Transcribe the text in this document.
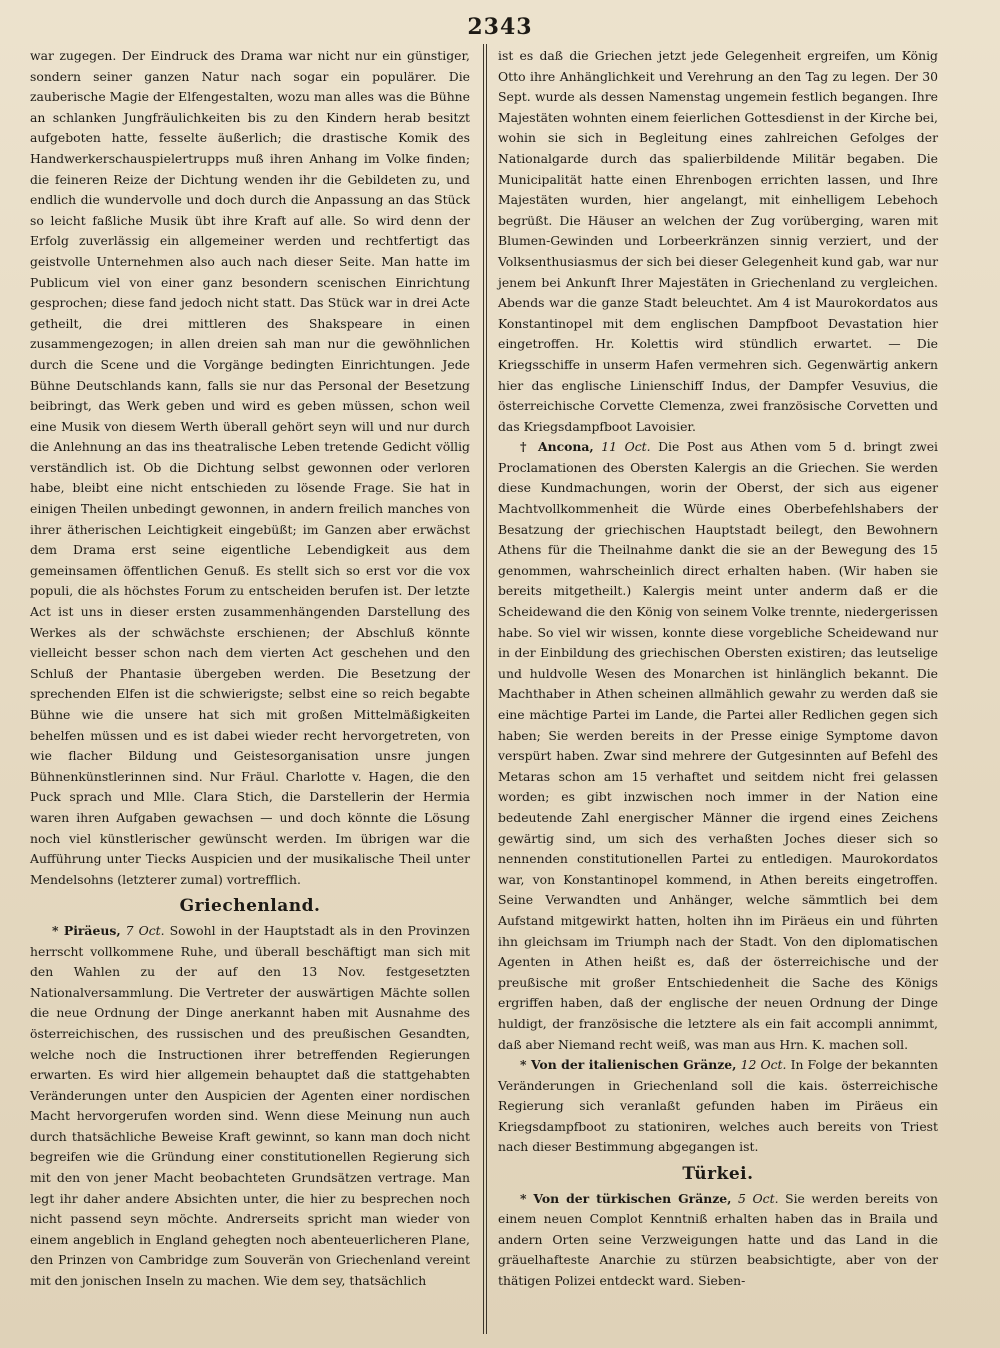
2343

war zugegen. Der Eindruck des Drama war nicht nur ein günstiger, sondern seiner ganzen Natur nach sogar ein populärer. Die zauberische Magie der Elfengestalten, wozu man alles was die Bühne an schlanken Jungfräulichkeiten bis zu den Kindern herab besitzt aufgeboten hatte, fesselte äußerlich; die drastische Komik des Handwerkerschauspielertrupps muß ihren Anhang im Volke finden; die feineren Reize der Dichtung wenden ihr die Gebildeten zu, und endlich die wundervolle und doch durch die Anpassung an das Stück so leicht faßliche Musik übt ihre Kraft auf alle. So wird denn der Erfolg zuverlässig ein allgemeiner werden und rechtfertigt das geistvolle Unternehmen also auch nach dieser Seite. Man hatte im Publicum viel von einer ganz besondern scenischen Einrichtung gesprochen; diese fand jedoch nicht statt. Das Stück war in drei Acte getheilt, die drei mittleren des Shakspeare in einen zusammengezogen; in allen dreien sah man nur die gewöhnlichen durch die Scene und die Vorgänge bedingten Einrichtungen. Jede Bühne Deutschlands kann, falls sie nur das Personal der Besetzung beibringt, das Werk geben und wird es geben müssen, schon weil eine Musik von diesem Werth überall gehört seyn will und nur durch die Anlehnung an das ins theatralische Leben tretende Gedicht völlig verständlich ist. Ob die Dichtung selbst gewonnen oder verloren habe, bleibt eine nicht entschieden zu lösende Frage. Sie hat in einigen Theilen unbedingt gewonnen, in andern freilich manches von ihrer ätherischen Leichtigkeit eingebüßt; im Ganzen aber erwächst dem Drama erst seine eigentliche Lebendigkeit aus dem gemeinsamen öffentlichen Genuß. Es stellt sich so erst vor die vox populi, die als höchstes Forum zu entscheiden berufen ist. Der letzte Act ist uns in dieser ersten zusammenhängenden Darstellung des Werkes als der schwächste erschienen; der Abschluß könnte vielleicht besser schon nach dem vierten Act geschehen und den Schluß der Phantasie übergeben werden. Die Besetzung der sprechenden Elfen ist die schwierigste; selbst eine so reich begabte Bühne wie die unsere hat sich mit großen Mittelmäßigkeiten behelfen müssen und es ist dabei wieder recht hervorgetreten, von wie flacher Bildung und Geistesorganisation unsre jungen Bühnenkünstlerinnen sind. Nur Fräul. Charlotte v. Hagen, die den Puck sprach und Mlle. Clara Stich, die Darstellerin der Hermia waren ihren Aufgaben gewachsen — und doch könnte die Lösung noch viel künstlerischer gewünscht werden. Im übrigen war die Aufführung unter Tiecks Auspicien und der musikalische Theil unter Mendelsohns (letzterer zumal) vortrefflich.

Griechenland.

* Piräeus, 7 Oct. Sowohl in der Hauptstadt als in den Provinzen herrscht vollkommene Ruhe, und überall beschäftigt man sich mit den Wahlen zu der auf den 13 Nov. festgesetzten Nationalversammlung. Die Vertreter der auswärtigen Mächte sollen die neue Ordnung der Dinge anerkannt haben mit Ausnahme des österreichischen, des russischen und des preußischen Gesandten, welche noch die Instructionen ihrer betreffenden Regierungen erwarten. Es wird hier allgemein behauptet daß die stattgehabten Veränderungen unter den Auspicien der Agenten einer nordischen Macht hervorgerufen worden sind. Wenn diese Meinung nun auch durch thatsächliche Beweise Kraft gewinnt, so kann man doch nicht begreifen wie die Gründung einer constitutionellen Regierung sich mit den von jener Macht beobachteten Grundsätzen vertrage. Man legt ihr daher andere Absichten unter, die hier zu besprechen noch nicht passend seyn möchte. Andrerseits spricht man wieder von einem angeblich in England gehegten noch abenteuerlicheren Plane, den Prinzen von Cambridge zum Souverän von Griechenland vereint mit den jonischen Inseln zu machen. Wie dem sey, thatsächlich

ist es daß die Griechen jetzt jede Gelegenheit ergreifen, um König Otto ihre Anhänglichkeit und Verehrung an den Tag zu legen. Der 30 Sept. wurde als dessen Namenstag ungemein festlich begangen. Ihre Majestäten wohnten einem feierlichen Gottesdienst in der Kirche bei, wohin sie sich in Begleitung eines zahlreichen Gefolges der Nationalgarde durch das spalierbildende Militär begaben. Die Municipalität hatte einen Ehrenbogen errichten lassen, und Ihre Majestäten wurden, hier angelangt, mit einhelligem Lebehoch begrüßt. Die Häuser an welchen der Zug vorüberging, waren mit Blumen-Gewinden und Lorbeerkränzen sinnig verziert, und der Volksenthusiasmus der sich bei dieser Gelegenheit kund gab, war nur jenem bei Ankunft Ihrer Majestäten in Griechenland zu vergleichen. Abends war die ganze Stadt beleuchtet. Am 4 ist Maurokordatos aus Konstantinopel mit dem englischen Dampfboot Devastation hier eingetroffen. Hr. Kolettis wird stündlich erwartet. — Die Kriegsschiffe in unserm Hafen vermehren sich. Gegenwärtig ankern hier das englische Linienschiff Indus, der Dampfer Vesuvius, die österreichische Corvette Clemenza, zwei französische Corvetten und das Kriegsdampfboot Lavoisier.

† Ancona, 11 Oct. Die Post aus Athen vom 5 d. bringt zwei Proclamationen des Obersten Kalergis an die Griechen. Sie werden diese Kundmachungen, worin der Oberst, der sich aus eigener Machtvollkommenheit die Würde eines Oberbefehlshabers der Besatzung der griechischen Hauptstadt beilegt, den Bewohnern Athens für die Theilnahme dankt die sie an der Bewegung des 15 genommen, wahrscheinlich direct erhalten haben. (Wir haben sie bereits mitgetheilt.) Kalergis meint unter anderm daß er die Scheidewand die den König von seinem Volke trennte, niedergerissen habe. So viel wir wissen, konnte diese vorgebliche Scheidewand nur in der Einbildung des griechischen Obersten existiren; das leutselige und huldvolle Wesen des Monarchen ist hinlänglich bekannt. Die Machthaber in Athen scheinen allmählich gewahr zu werden daß sie eine mächtige Partei im Lande, die Partei aller Redlichen gegen sich haben; Sie werden bereits in der Presse einige Symptome davon verspürt haben. Zwar sind mehrere der Gutgesinnten auf Befehl des Metaras schon am 15 verhaftet und seitdem nicht frei gelassen worden; es gibt inzwischen noch immer in der Nation eine bedeutende Zahl energischer Männer die irgend eines Zeichens gewärtig sind, um sich des verhaßten Joches dieser sich so nennenden constitutionellen Partei zu entledigen. Maurokordatos war, von Konstantinopel kommend, in Athen bereits eingetroffen. Seine Verwandten und Anhänger, welche sämmtlich bei dem Aufstand mitgewirkt hatten, holten ihn im Piräeus ein und führten ihn gleichsam im Triumph nach der Stadt. Von den diplomatischen Agenten in Athen heißt es, daß der österreichische und der preußische mit großer Entschiedenheit die Sache des Königs ergriffen haben, daß der englische der neuen Ordnung der Dinge huldigt, der französische die letztere als ein fait accompli annimmt, daß aber Niemand recht weiß, was man aus Hrn. K. machen soll.

* Von der italienischen Gränze, 12 Oct. In Folge der bekannten Veränderungen in Griechenland soll die kais. österreichische Regierung sich veranlaßt gefunden haben im Piräeus ein Kriegsdampfboot zu stationiren, welches auch bereits von Triest nach dieser Bestimmung abgegangen ist.

Türkei.

* Von der türkischen Gränze, 5 Oct. Sie werden bereits von einem neuen Complot Kenntniß erhalten haben das in Braila und andern Orten seine Verzweigungen hatte und das Land in die gräuelhafteste Anarchie zu stürzen beabsichtigte, aber von der thätigen Polizei entdeckt ward. Sieben-
